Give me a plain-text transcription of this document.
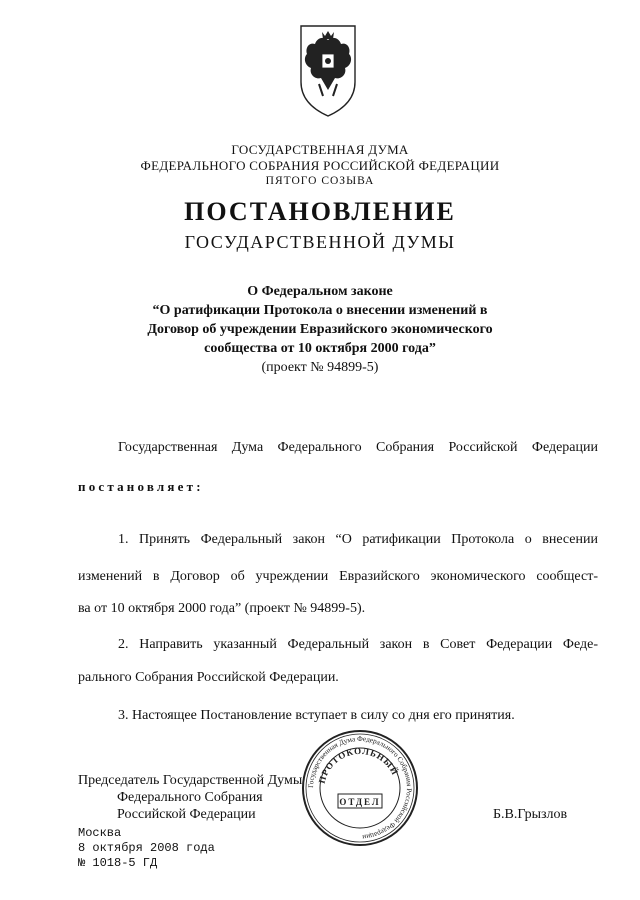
ГОСУДАРСТВЕННАЯ ДУМА
ФЕДЕРАЛЬНОГО СОБРАНИЯ РОССИЙСКОЙ ФЕДЕРАЦИИ
ПЯТОГО СОЗЫВА
ПОСТАНОВЛЕНИЕ
ГОСУДАРСТВЕННОЙ ДУМЫ
О Федеральном законе
“О ратификации Протокола о внесении изменений в
Договор об учреждении Евразийского экономического
сообщества от 10 октября 2000 года”
(проект № 94899-5)
Государственная Дума Федерального Собрания Российской Федерации
постановляет:
1. Принять Федеральный закон “О ратификации Протокола о внесении
изменений в Договор об учреждении Евразийского экономического сообщест-
ва от 10 октября 2000 года” (проект № 94899-5).
2. Направить указанный Федеральный закон в Совет Федерации Феде-
рального Собрания Российской Федерации.
3. Настоящее Постановление вступает в силу со дня его принятия.
Председатель Государственной Думы
Федерального Собрания
Российской Федерации	Б.В.Грызлов
Государственная Дума Федерального Собрания Российской Федерации
ПРОТОКОЛЬНЫЙ
ОТДЕЛ
Москва
8 октября 2008 года
№ 1018-5 ГД
